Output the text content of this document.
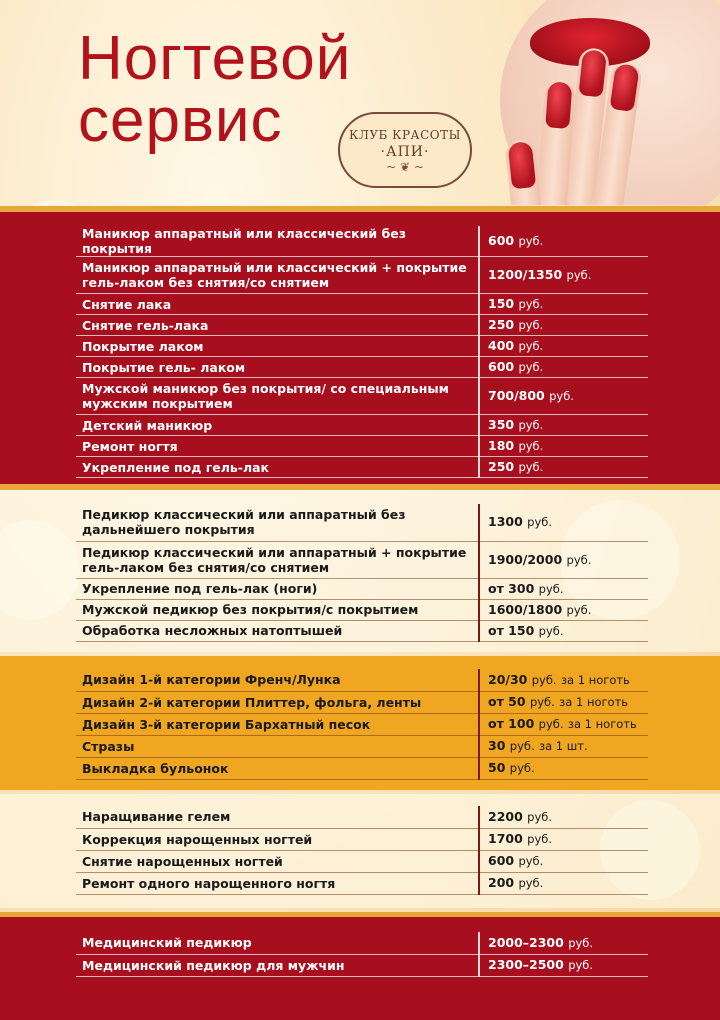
Ногтевой
сервис	КЛУБ КРАСОТЫ
·АПИ·
~ ❦ ~
Маникюр аппаратный или классический без покрытия	600 руб.
Маникюр аппаратный или классический + покрытие гель-лаком без снятия/со снятием	1200/1350 руб.
Снятие лака	150 руб.
Снятие гель-лака	250 руб.
Покрытие лаком	400 руб.
Покрытие гель- лаком	600 руб.
Мужской маникюр без покрытия/ со специальным мужским покрытием	700/800 руб.
Детский маникюр	350 руб.
Ремонт ногтя	180 руб.
Укрепление под гель-лак	250 руб.
Педикюр классический или аппаратный без дальнейшего покрытия	1300 руб.
Педикюр классический или аппаратный + покрытие гель-лаком без снятия/со снятием	1900/2000 руб.
Укрепление под гель-лак (ноги)	от 300 руб.
Мужской педикюр без покрытия/с покрытием	1600/1800 руб.
Обработка несложных натоптышей	от 150 руб.
Дизайн 1-й категории Френч/Лунка	20/30 руб. за 1 ноготь
Дизайн 2-й категории Плиттер, фольга, ленты	от 50 руб. за 1 ноготь
Дизайн 3-й категории Бархатный песок	от 100 руб. за 1 ноготь
Стразы	30 руб. за 1 шт.
Выкладка бульонок	50 руб.
Наращивание гелем	2200 руб.
Коррекция нарощенных ногтей	1700 руб.
Снятие нарощенных ногтей	600 руб.
Ремонт одного нарощенного ногтя	200 руб.
Медицинский педикюр	2000–2300 руб.
Медицинский педикюр для мужчин	2300–2500 руб.
